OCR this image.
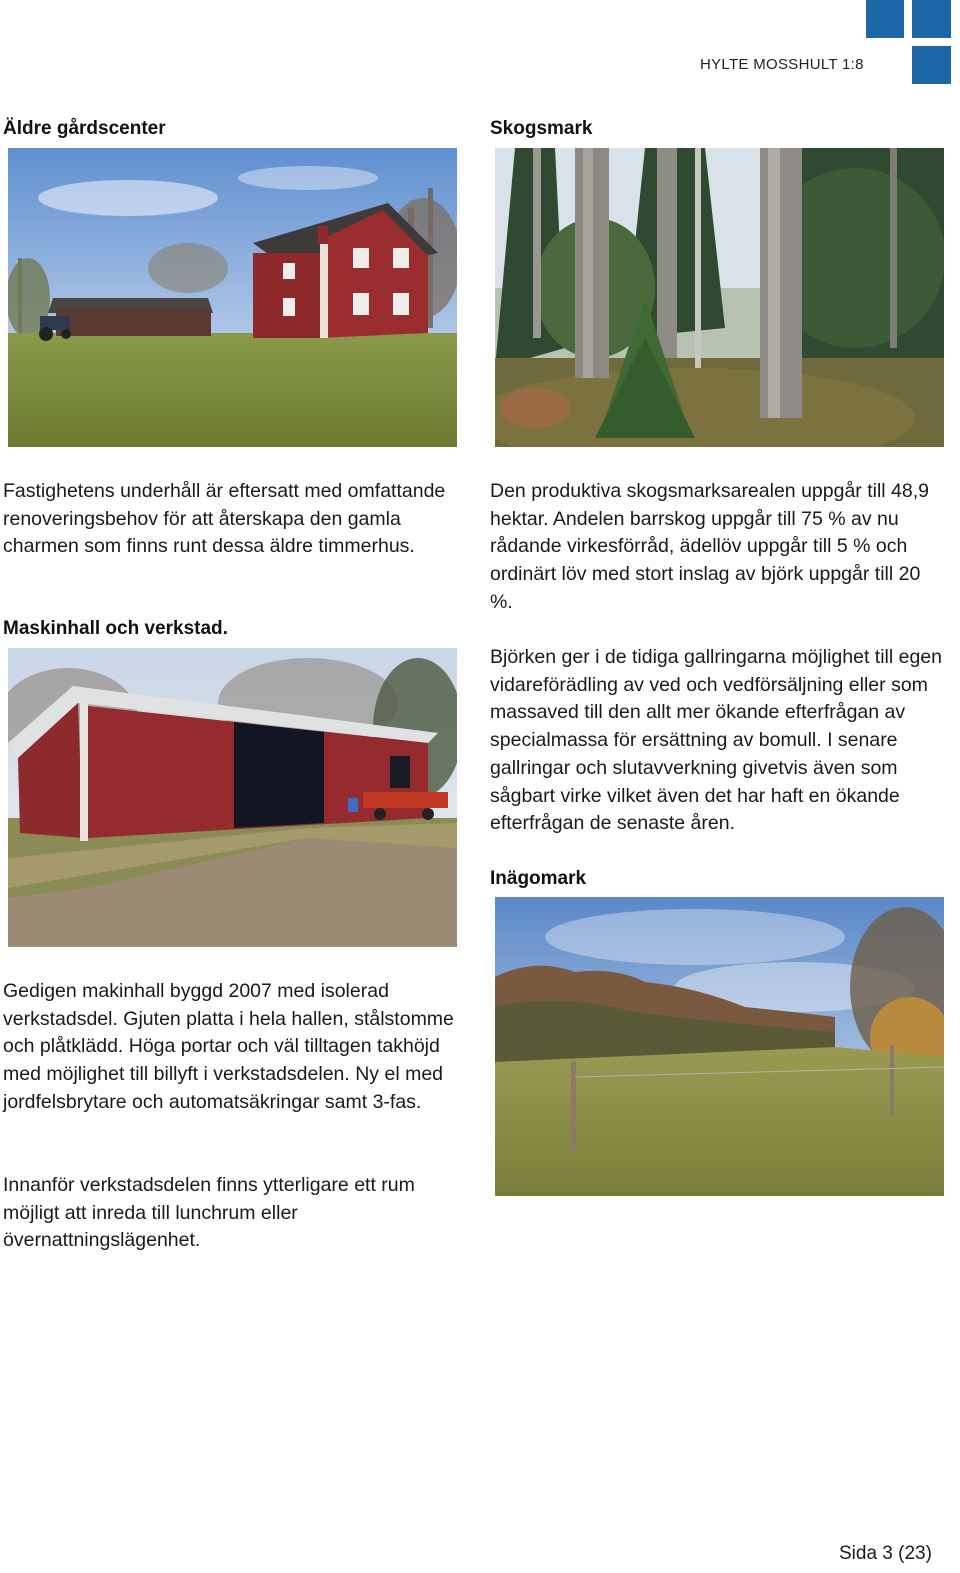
HYLTE MOSSHULT 1:8
Äldre gårdscenter

Fastighetens underhåll är eftersatt med omfattande renoveringsbehov för att återskapa den gamla charmen som finns runt dessa äldre timmerhus.

Maskinhall och verkstad.

Gedigen makinhall byggd 2007 med isolerad verkstadsdel. Gjuten platta i hela hallen, stålstomme och plåtklädd. Höga portar och väl tilltagen takhöjd med möjlighet till billyft i verkstadsdelen. Ny el med jordfelsbrytare och automatsäkringar samt 3-fas.

Innanför verkstadsdelen finns ytterligare ett rum möjligt att inreda till lunchrum eller övernattningslägenhet.

Skogsmark

Den produktiva skogsmarksarealen uppgår till 48,9 hektar. Andelen barrskog uppgår till 75 % av nu rådande virkesförråd, ädellöv uppgår till 5 % och ordinärt löv med stort inslag av björk uppgår till 20 %.

Björken ger i de tidiga gallringarna möjlighet till egen vidareförädling av ved och vedförsäljning eller som massaved till den allt mer ökande efterfrågan av specialmassa för ersättning av bomull. I senare gallringar och slutavverkning givetvis även som sågbart virke vilket även det har haft en ökande efterfrågan de senaste åren.

Inägomark
Sida 3 (23)
